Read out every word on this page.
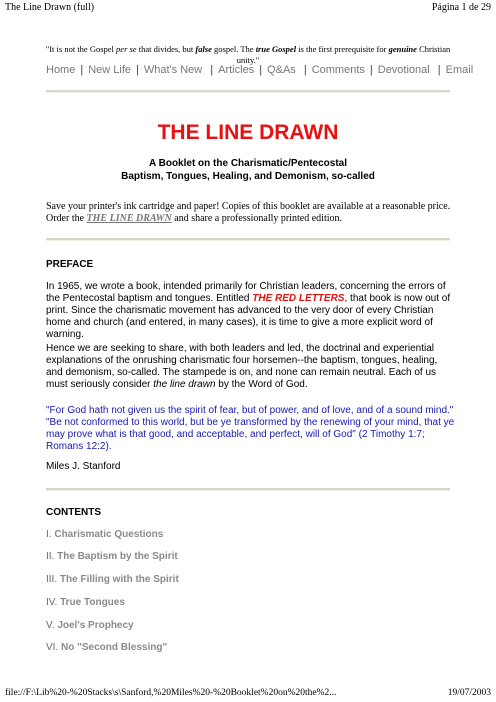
The Line Drawn (full)	Página 1 de 29
"It is not the Gospel per se that divides, but false gospel. The true Gospel is the first prerequisite for genuine Christian unity."
Home | New Life | What's New | Articles | Q&As | Comments | Devotional | Email
THE LINE DRAWN
A Booklet on the Charismatic/Pentecostal
Baptism, Tongues, Healing, and Demonism, so-called
Save your printer's ink cartridge and paper! Copies of this booklet are available at a reasonable price. Order the THE LINE DRAWN and share a professionally printed edition.
PREFACE
In 1965, we wrote a book, intended primarily for Christian leaders, concerning the errors of the Pentecostal baptism and tongues. Entitled THE RED LETTERS, that book is now out of print. Since the charismatic movement has advanced to the very door of every Christian home and church (and entered, in many cases), it is time to give a more explicit word of warning.
Hence we are seeking to share, with both leaders and led, the doctrinal and experiential explanations of the onrushing charismatic four horsemen--the baptism, tongues, healing, and demonism, so-called. The stampede is on, and none can remain neutral. Each of us must seriously consider the line drawn by the Word of God.
"For God hath not given us the spirit of fear, but of power, and of love, and of a sound mind." "Be not conformed to this world, but be ye transformed by the renewing of your mind, that ye may prove what is that good, and acceptable, and perfect, will of God" (2 Timothy 1:7; Romans 12:2).
Miles J. Stanford
CONTENTS
I. Charismatic Questions
II. The Baptism by the Spirit
III. The Filling with the Spirit
IV. True Tongues
V. Joel's Prophecy
VI. No "Second Blessing"
file://F:\Lib%20-%20Stacks\s\Sanford,%20Miles%20-%20Booklet%20on%20the%2...	19/07/2003
